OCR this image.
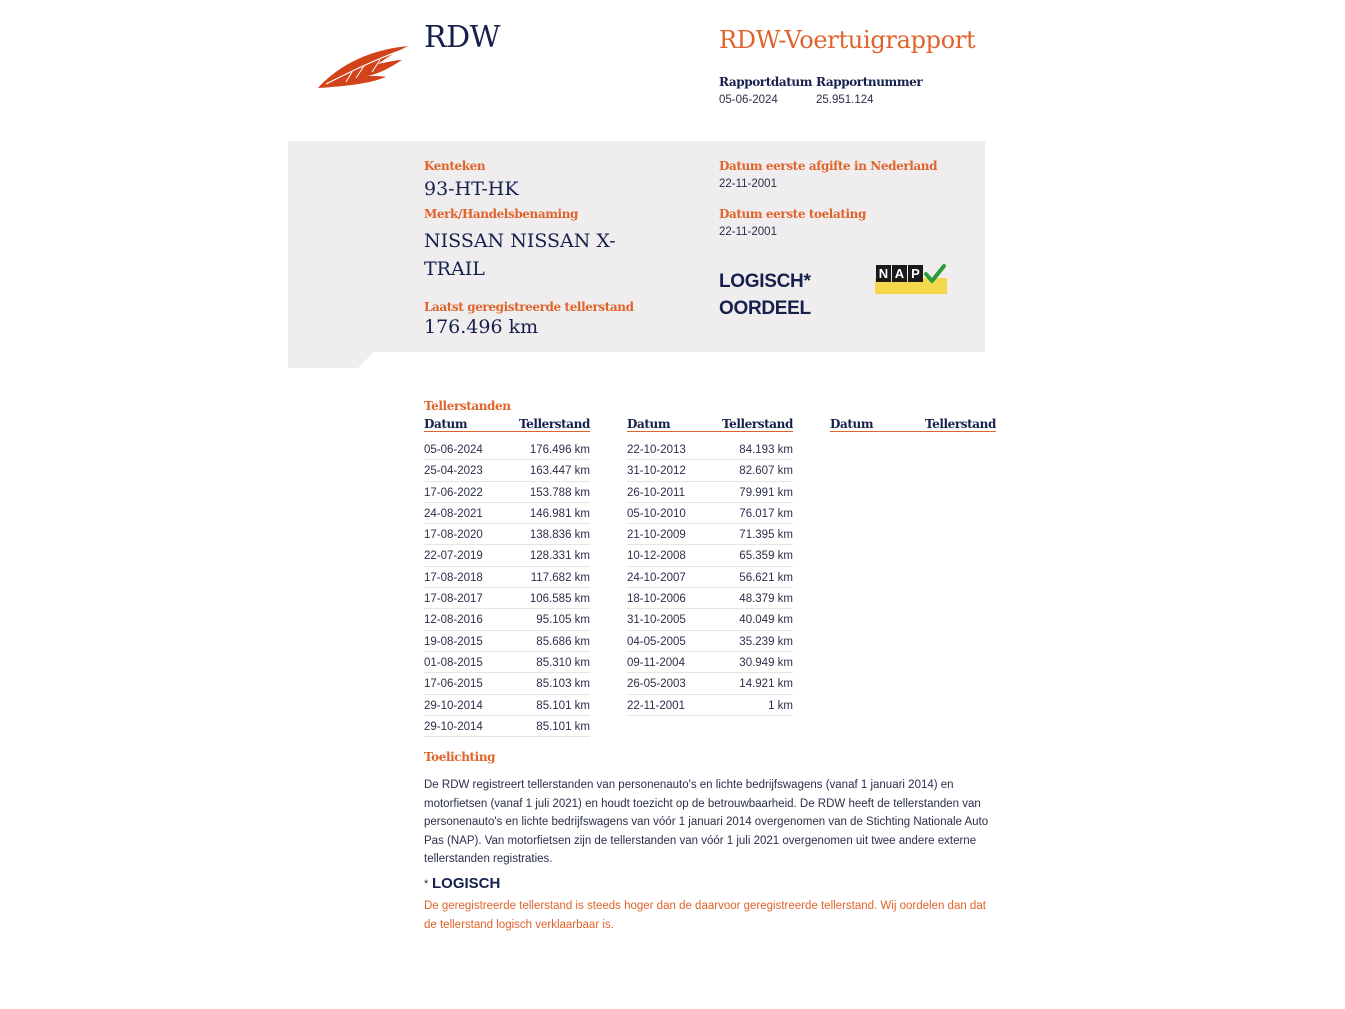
RDW	RDW-Voertuigrapport
Rapportdatum
05-06-2024
Rapportnummer
25.951.124
Kenteken
93-HT-HK
Merk/Handelsbenaming
NISSAN NISSAN X-TRAIL
Laatst geregistreerde tellerstand
176.496 km
Datum eerste afgifte in Nederland
22-11-2001
Datum eerste toelating
22-11-2001
LOGISCH*
OORDEEL
N A P
Tellerstanden
Datum	Tellerstand
05-06-2024	176.496 km
25-04-2023	163.447 km
17-06-2022	153.788 km
24-08-2021	146.981 km
17-08-2020	138.836 km
22-07-2019	128.331 km
17-08-2018	117.682 km
17-08-2017	106.585 km
12-08-2016	95.105 km
19-08-2015	85.686 km
01-08-2015	85.310 km
17-06-2015	85.103 km
29-10-2014	85.101 km
29-10-2014	85.101 km
Datum	Tellerstand
22-10-2013	84.193 km
31-10-2012	82.607 km
26-10-2011	79.991 km
05-10-2010	76.017 km
21-10-2009	71.395 km
10-12-2008	65.359 km
24-10-2007	56.621 km
18-10-2006	48.379 km
31-10-2005	40.049 km
04-05-2005	35.239 km
09-11-2004	30.949 km
26-05-2003	14.921 km
22-11-2001	1 km
Datum	Tellerstand
Toelichting
De RDW registreert tellerstanden van personenauto's en lichte bedrijfswagens (vanaf 1 januari 2014) en motorfietsen (vanaf 1 juli 2021) en houdt toezicht op de betrouwbaarheid. De RDW heeft de tellerstanden van personenauto's en lichte bedrijfswagens van vóór 1 januari 2014 overgenomen van de Stichting Nationale Auto Pas (NAP). Van motorfietsen zijn de tellerstanden van vóór 1 juli 2021 overgenomen uit twee andere externe tellerstanden registraties.
* LOGISCH
De geregistreerde tellerstand is steeds hoger dan de daarvoor geregistreerde tellerstand. Wij oordelen dan dat de tellerstand logisch verklaarbaar is.
